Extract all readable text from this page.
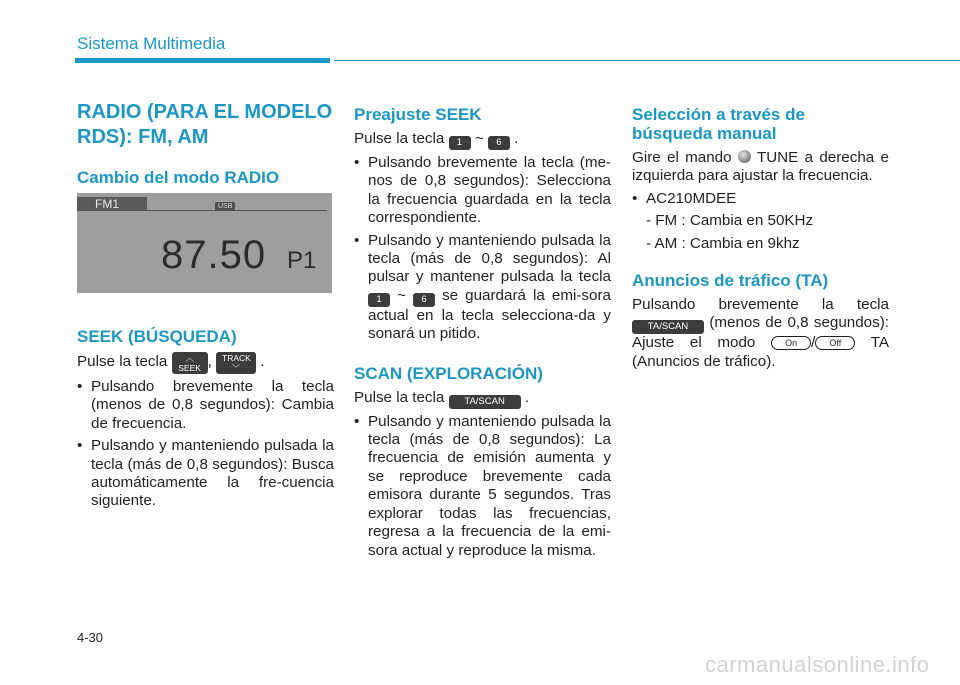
Sistema Multimedia
RADIO (PARA EL MODELO RDS): FM, AM
Cambio del modo RADIO
FM1	USB
87.50 P1
SEEK (BÚSQUEDA)

Pulse la tecla ︿
SEEK , TRACK
﹀ .

• Pulsando brevemente la tecla (menos de 0,8 segundos): Cambia de frecuencia.

• Pulsando y manteniendo pulsada la tecla (más de 0,8 segundos): Busca automáticamente la fre-cuencia siguiente.

Preajuste SEEK

Pulse la tecla 1 ~ 6 .

• Pulsando brevemente la tecla (me-nos de 0,8 segundos): Selecciona la frecuencia guardada en la tecla correspondiente.

• Pulsando y manteniendo pulsada la tecla (más de 0,8 segundos): Al pulsar y mantener pulsada la tecla 1 ~ 6 se guardará la emi-sora actual en la tecla selecciona-da y sonará un pitido.

SCAN (EXPLORACIÓN)

Pulse la tecla TA/SCAN .

• Pulsando y manteniendo pulsada la tecla (más de 0,8 segundos): La frecuencia de emisión aumenta y se reproduce brevemente cada emisora durante 5 segundos. Tras explorar todas las frecuencias, regresa a la frecuencia de la emi-sora actual y reproduce la misma.

Selección a través de búsqueda manual

Gire el mando TUNE a derecha e izquierda para ajustar la frecuencia.

• AC210MDEE

- FM : Cambia en 50KHz

- AM : Cambia en 9khz

Anuncios de tráfico (TA)

Pulsando brevemente la tecla TA/SCAN (menos de 0,8 segundos): Ajuste el modo	On / Off TA (Anuncios de tráfico).

4-30
carmanualsonline.info
